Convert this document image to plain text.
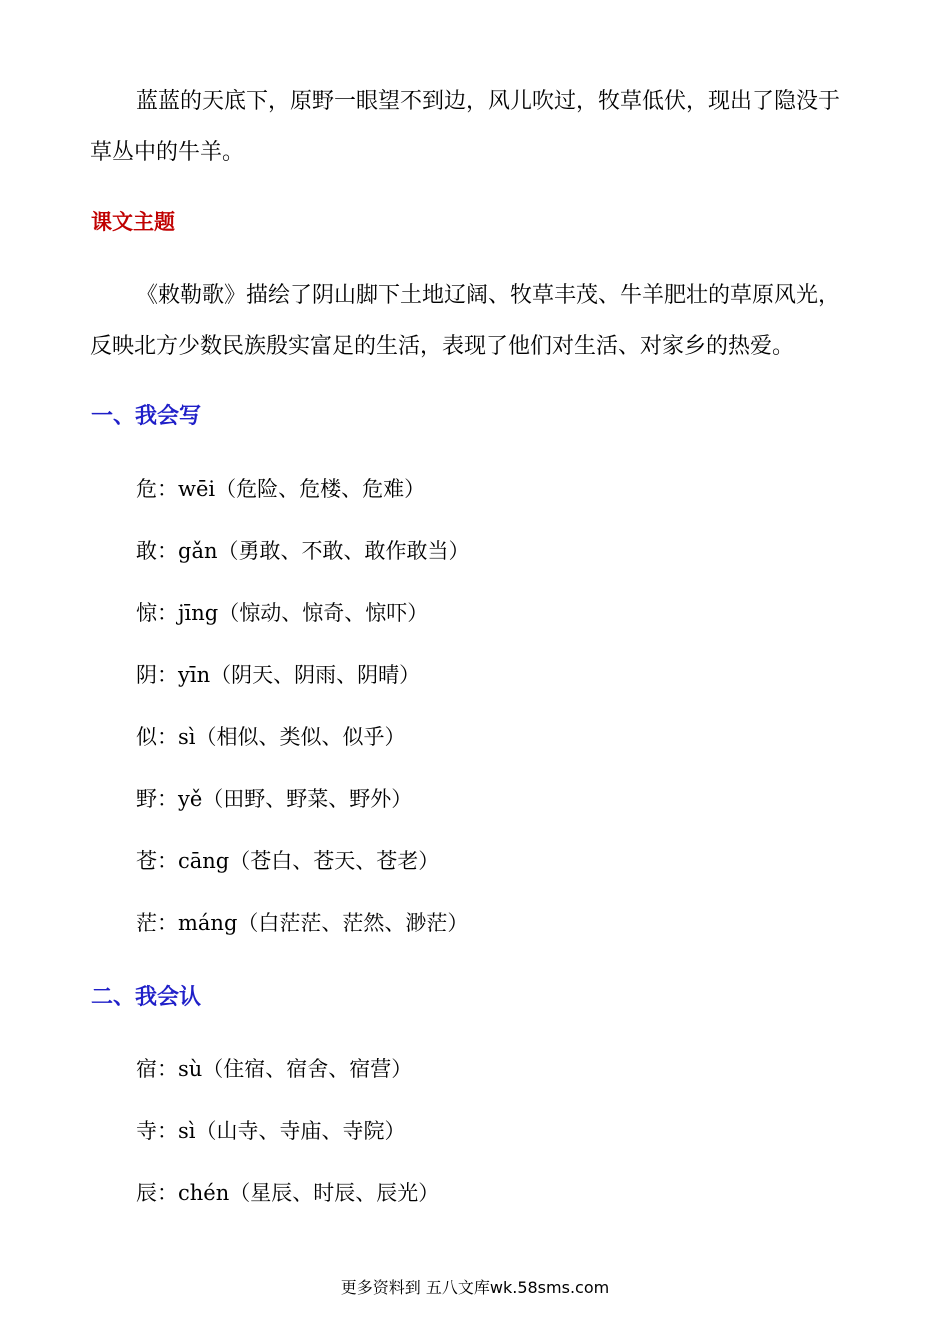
蓝蓝的天底下，原野一眼望不到边，风儿吹过，牧草低伏，现出了隐没于
草丛中的牛羊。
课文主题
《敕勒歌》描绘了阴山脚下土地辽阔、牧草丰茂、牛羊肥壮的草原风光，
反映北方少数民族殷实富足的生活，表现了他们对生活、对家乡的热爱。
一、我会写
危：wēi（危险、危楼、危难）
敢：gǎn（勇敢、不敢、敢作敢当）
惊：jīng（惊动、惊奇、惊吓）
阴：yīn（阴天、阴雨、阴晴）
似：sì（相似、类似、似乎）
野：yě（田野、野菜、野外）
苍：cāng（苍白、苍天、苍老）
茫：máng（白茫茫、茫然、渺茫）
二、我会认
宿：sù（住宿、宿舍、宿营）
寺：sì（山寺、寺庙、寺院）
辰：chén（星辰、时辰、辰光）
更多资料到 五八文库wk.58sms.com
